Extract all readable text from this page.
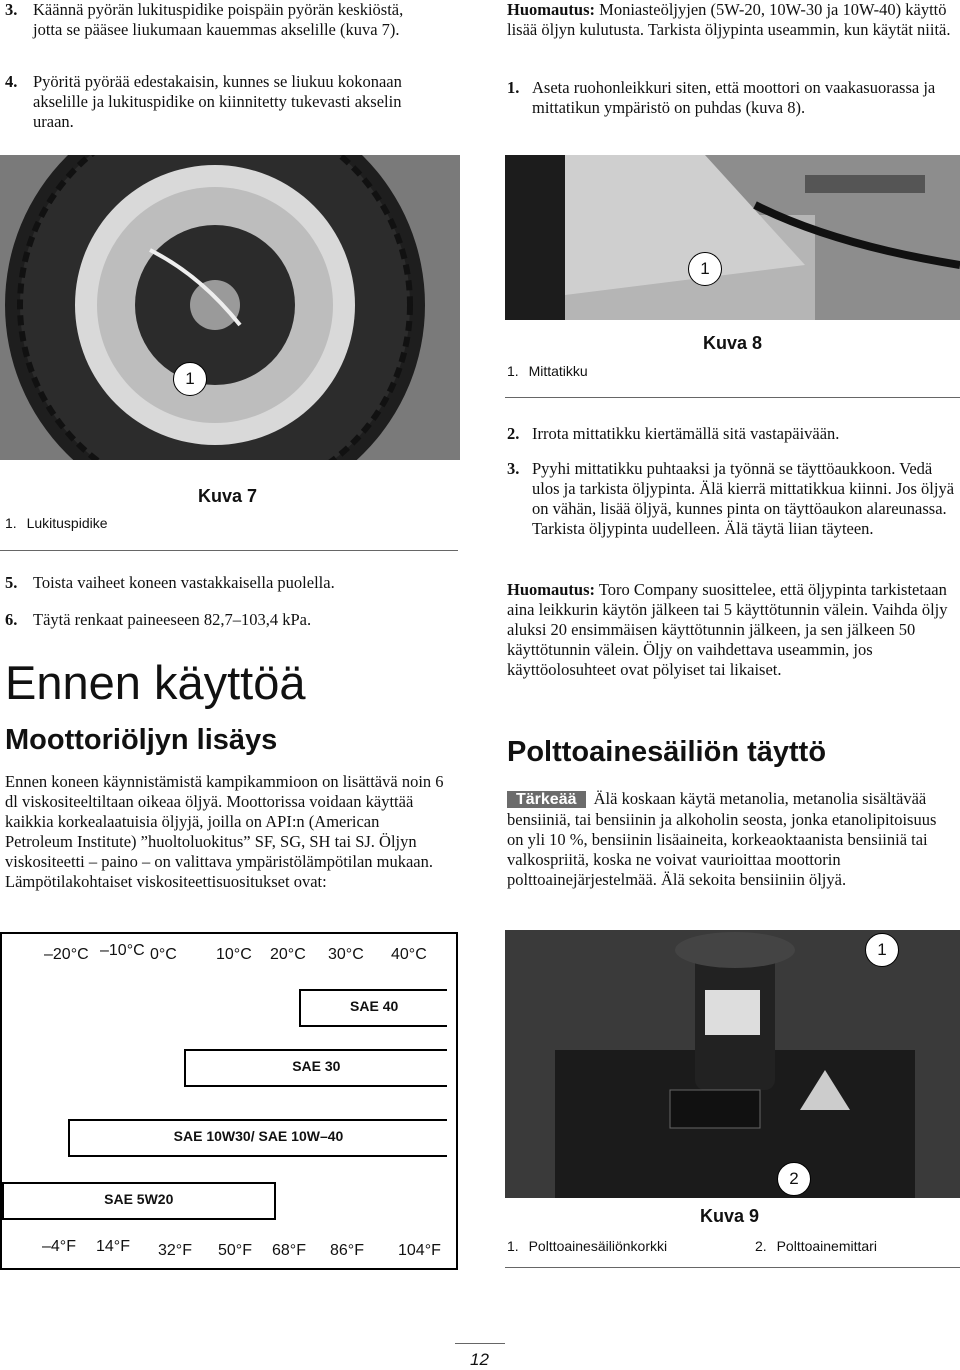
3. Käännä pyörän lukituspidike poispäin pyörän keskiöstä, jotta se pääsee liukumaan kauemmas akselille (kuva 7).
4. Pyöritä pyörää edestakaisin, kunnes se liukuu kokonaan akselille ja lukituspidike on kiinnitetty tukevasti akselin uraan.
1
1. Lukituspidike
Kuva 7
5. Toista vaiheet koneen vastakkaisella puolella.
6. Täytä renkaat paineeseen 82,7–103,4 kPa.
Ennen käyttöä
Moottoriöljyn lisäys
Ennen koneen käynnistämistä kampikammioon on lisättävä noin 6 dl viskositeeltiltaan oikeaa öljyä. Moottorissa voidaan käyttää kaikkia korkealaatuisia öljyjä, joilla on API:n (American Petroleum Institute) ”huoltoluokitus” SF, SG, SH tai SJ. Öljyn viskositeetti – paino – on valittava ympäristölämpötilan mukaan. Lämpötilakohtaiset viskositeettisuositukset ovat:
–20°C –10°C 0°C 10°C 20°C 30°C 40°C
SAE 40
SAE 30
SAE 10W30/ SAE 10W–40
SAE 5W20
–4°F 14°F 32°F 50°F 68°F 86°F 104°F
Huomautus: Moniasteöljyjen (5W-20, 10W-30 ja 10W-40) käyttö lisää öljyn kulutusta. Tarkista öljypinta useammin, kun käytät niitä.
1. Aseta ruohonleikkuri siten, että moottori on vaakasuorassa ja mittatikun ympäristö on puhdas (kuva 8).
1
1. Mittatikku
Kuva 8
2. Irrota mittatikku kiertämällä sitä vastapäivään.
3. Pyyhi mittatikku puhtaaksi ja työnnä se täyttöaukkoon. Vedä ulos ja tarkista öljypinta. Älä kierrä mittatikkua kiinni. Jos öljyä on vähän, lisää öljyä, kunnes pinta on täyttöaukon alareunassa. Tarkista öljypinta uudelleen. Älä täytä liian täyteen.
Huomautus: Toro Company suosittelee, että öljypinta tarkistetaan aina leikkurin käytön jälkeen tai 5 käyttötunnin välein. Vaihda öljy aluksi 20 ensimmäisen käyttötunnin jälkeen, ja sen jälkeen 50 käyttötunnin välein. Öljy on vaihdettava useammin, jos käyttöolosuhteet ovat pölyiset tai likaiset.
Polttoainesäiliön täyttö
Tärkeää Älä koskaan käytä metanolia, metanolia sisältävää bensiiniä, tai bensiinin ja alkoholin seosta, jonka etanolipitoisuus on yli 10 %, bensiinin lisäaineita, korkeaoktaanista bensiiniä tai valkospriitä, koska ne voivat vaurioittaa moottorin polttoainejärjestelmää. Älä sekoita bensiiniin öljyä.
1
2
Kuva 9
1. Polttoainesäiliönkorkki	2. Polttoainemittari
12
